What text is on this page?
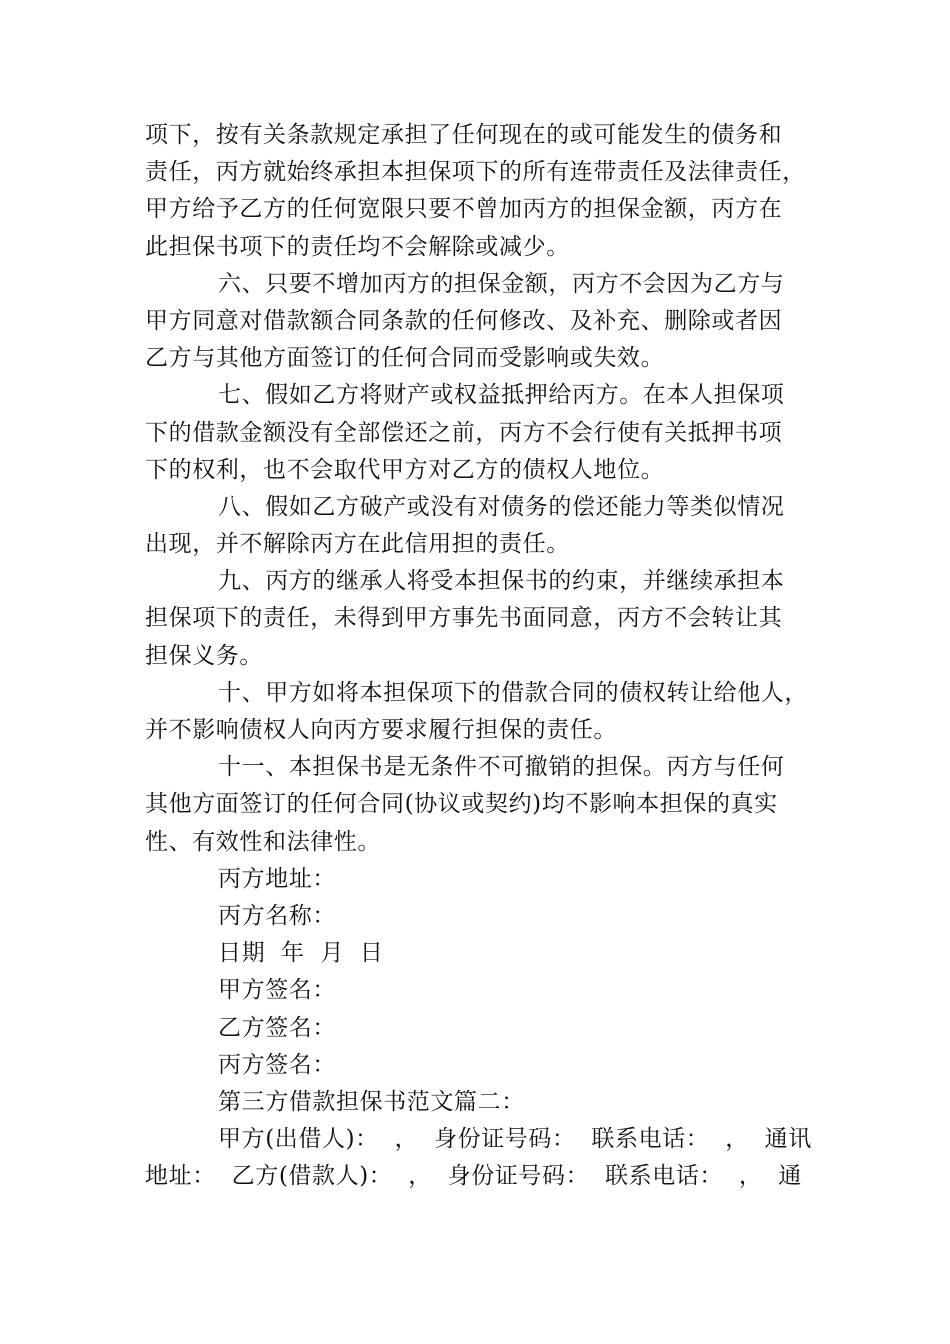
项下，按有关条款规定承担了任何现在的或可能发生的债务和
责任，丙方就始终承担本担保项下的所有连带责任及法律责任，
甲方给予乙方的任何宽限只要不曾加丙方的担保金额，丙方在
此担保书项下的责任均不会解除或减少。
六、只要不增加丙方的担保金额，丙方不会因为乙方与
甲方同意对借款额合同条款的任何修改、及补充、删除或者因
乙方与其他方面签订的任何合同而受影响或失效。
七、假如乙方将财产或权益抵押给丙方。在本人担保项
下的借款金额没有全部偿还之前，丙方不会行使有关抵押书项
下的权利，也不会取代甲方对乙方的债权人地位。
八、假如乙方破产或没有对债务的偿还能力等类似情况
出现，并不解除丙方在此信用担的责任。
九、丙方的继承人将受本担保书的约束，并继续承担本
担保项下的责任，未得到甲方事先书面同意，丙方不会转让其
担保义务。
十、甲方如将本担保项下的借款合同的债权转让给他人，
并不影响债权人向丙方要求履行担保的责任。
十一、本担保书是无条件不可撤销的担保。丙方与任何
其他方面签订的任何合同(协议或契约)均不影响本担保的真实
性、有效性和法律性。
丙方地址：
丙方名称：
日期  年  月  日
甲方签名：
乙方签名：
丙方签名：
第三方借款担保书范文篇二：
甲方(出借人)：  ，  身份证号码：  联系电话：  ，  通讯
地址：  乙方(借款人)：  ，  身份证号码：  联系电话：  ，  通
